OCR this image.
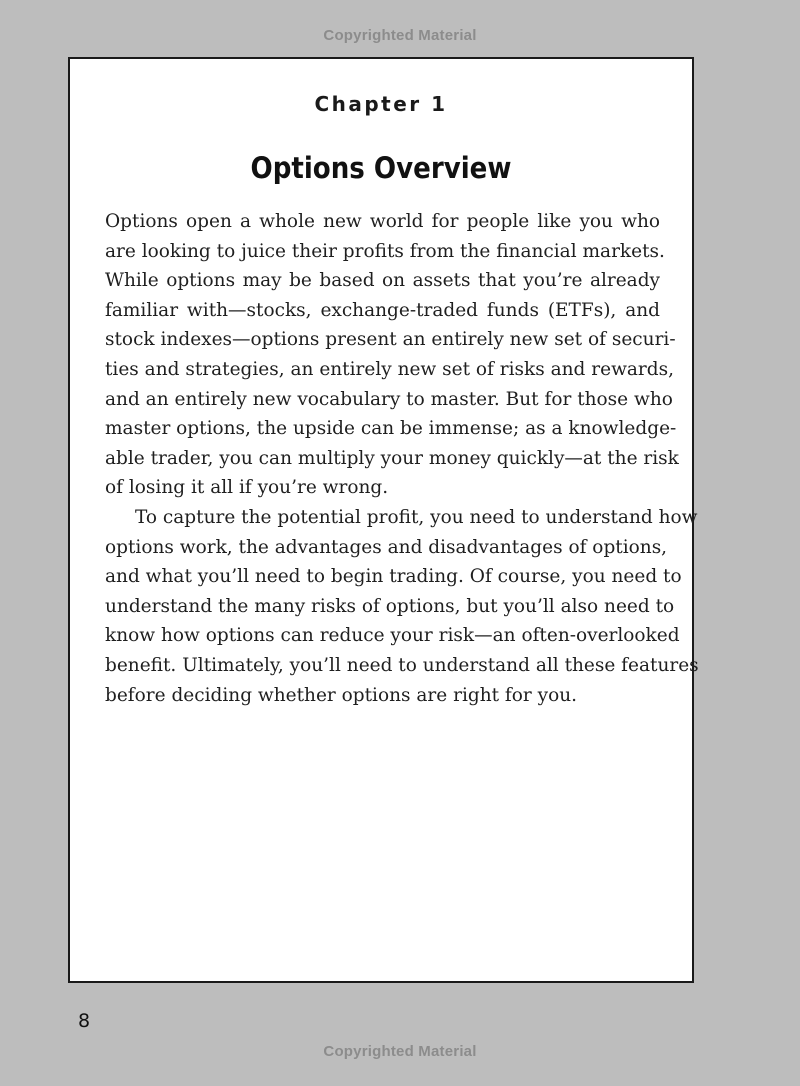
Copyrighted Material
Chapter 1
Options Overview
Options open a whole new world for people like you who
are looking to juice their profits from the financial markets.
While options may be based on assets that you’re already
familiar with—stocks, exchange-traded funds (ETFs), and
stock indexes—options present an entirely new set of securi-
ties and strategies, an entirely new set of risks and rewards,
and an entirely new vocabulary to master. But for those who
master options, the upside can be immense; as a knowledge-
able trader, you can multiply your money quickly—at the risk
of losing it all if you’re wrong.
To capture the potential profit, you need to understand how
options work, the advantages and disadvantages of options,
and what you’ll need to begin trading. Of course, you need to
understand the many risks of options, but you’ll also need to
know how options can reduce your risk—an often-overlooked
benefit. Ultimately, you’ll need to understand all these features
before deciding whether options are right for you.
8
Copyrighted Material
